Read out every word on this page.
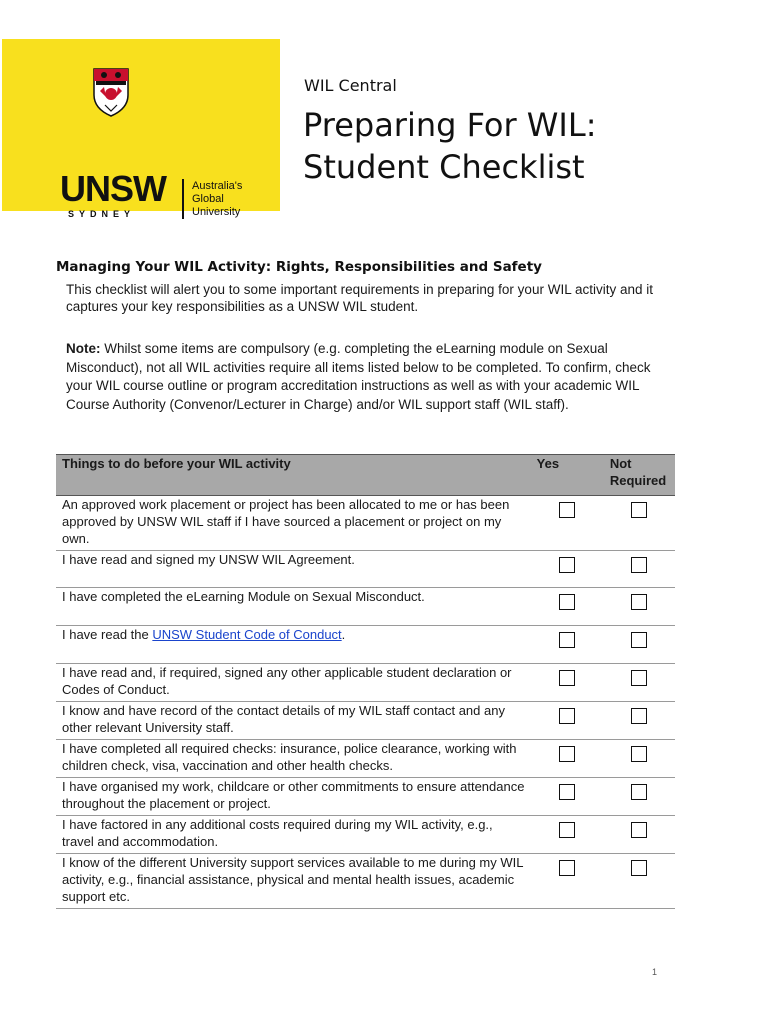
UNSW
SYDNEY
Australia's
Global
University
WIL Central
Preparing For WIL:
Student Checklist
Managing Your WIL Activity: Rights, Responsibilities and Safety
This checklist will alert you to some important requirements in preparing for your WIL activity and it captures your key responsibilities as a UNSW WIL student.
Note: Whilst some items are compulsory (e.g. completing the eLearning module on Sexual Misconduct), not all WIL activities require all items listed below to be completed. To confirm, check your WIL course outline or program accreditation instructions as well as with your academic WIL Course Authority (Convenor/Lecturer in Charge) and/or WIL support staff (WIL staff).
Things to do before your WIL activity	Yes	Not Required
An approved work placement or project has been allocated to me or has been approved by UNSW WIL staff if I have sourced a placement or project on my own.		
I have read and signed my UNSW WIL Agreement.		
I have completed the eLearning Module on Sexual Misconduct.		
I have read the UNSW Student Code of Conduct.		
I have read and, if required, signed any other applicable student declaration or Codes of Conduct.		
I know and have record of the contact details of my WIL staff contact and any other relevant University staff.		
I have completed all required checks: insurance, police clearance, working with children check, visa, vaccination and other health checks.		
I have organised my work, childcare or other commitments to ensure attendance throughout the placement or project.		
I have factored in any additional costs required during my WIL activity, e.g., travel and accommodation.		
I know of the different University support services available to me during my WIL activity, e.g., financial assistance, physical and mental health issues, academic support etc.		
1
